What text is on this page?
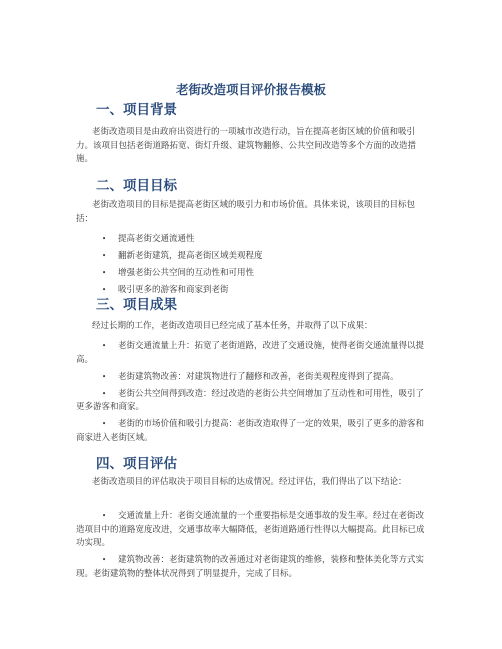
老街改造项目评价报告模板
一、项目背景

老街改造项目是由政府出资进行的一项城市改造行动，旨在提高老街区域的价值和吸引力。该项目包括老街道路拓宽、街灯升级、建筑物翻修、公共空间改造等多个方面的改造措施。

二、项目目标

老街改造项目的目标是提高老街区域的吸引力和市场价值。具体来说，该项目的目标包括：

• 提高老街交通流通性
• 翻新老街建筑，提高老街区域美观程度
• 增强老街公共空间的互动性和可用性
• 吸引更多的游客和商家到老街
三、项目成果

经过长期的工作，老街改造项目已经完成了基本任务，并取得了以下成果：

• 老街交通流量上升：拓宽了老街道路，改进了交通设施，使得老街交通流量得以提高。
• 老街建筑物改善：对建筑物进行了翻修和改善，老街美观程度得到了提高。
• 老街公共空间得到改造：经过改造的老街公共空间增加了互动性和可用性，吸引了更多游客和商家。
• 老街的市场价值和吸引力提高：老街改造取得了一定的效果，吸引了更多的游客和商家进入老街区域。
四、项目评估

老街改造项目的评估取决于项目目标的达成情况。经过评估，我们得出了以下结论：

• 交通流量上升：老街交通流量的一个重要指标是交通事故的发生率。经过在老街改造项目中的道路宽度改进，交通事故率大幅降低，老街道路通行性得以大幅提高。此目标已成功实现。
• 建筑物改善：老街建筑物的改善通过对老街建筑的维修，装修和整体美化等方式实现。老街建筑物的整体状况得到了明显提升，完成了目标。
